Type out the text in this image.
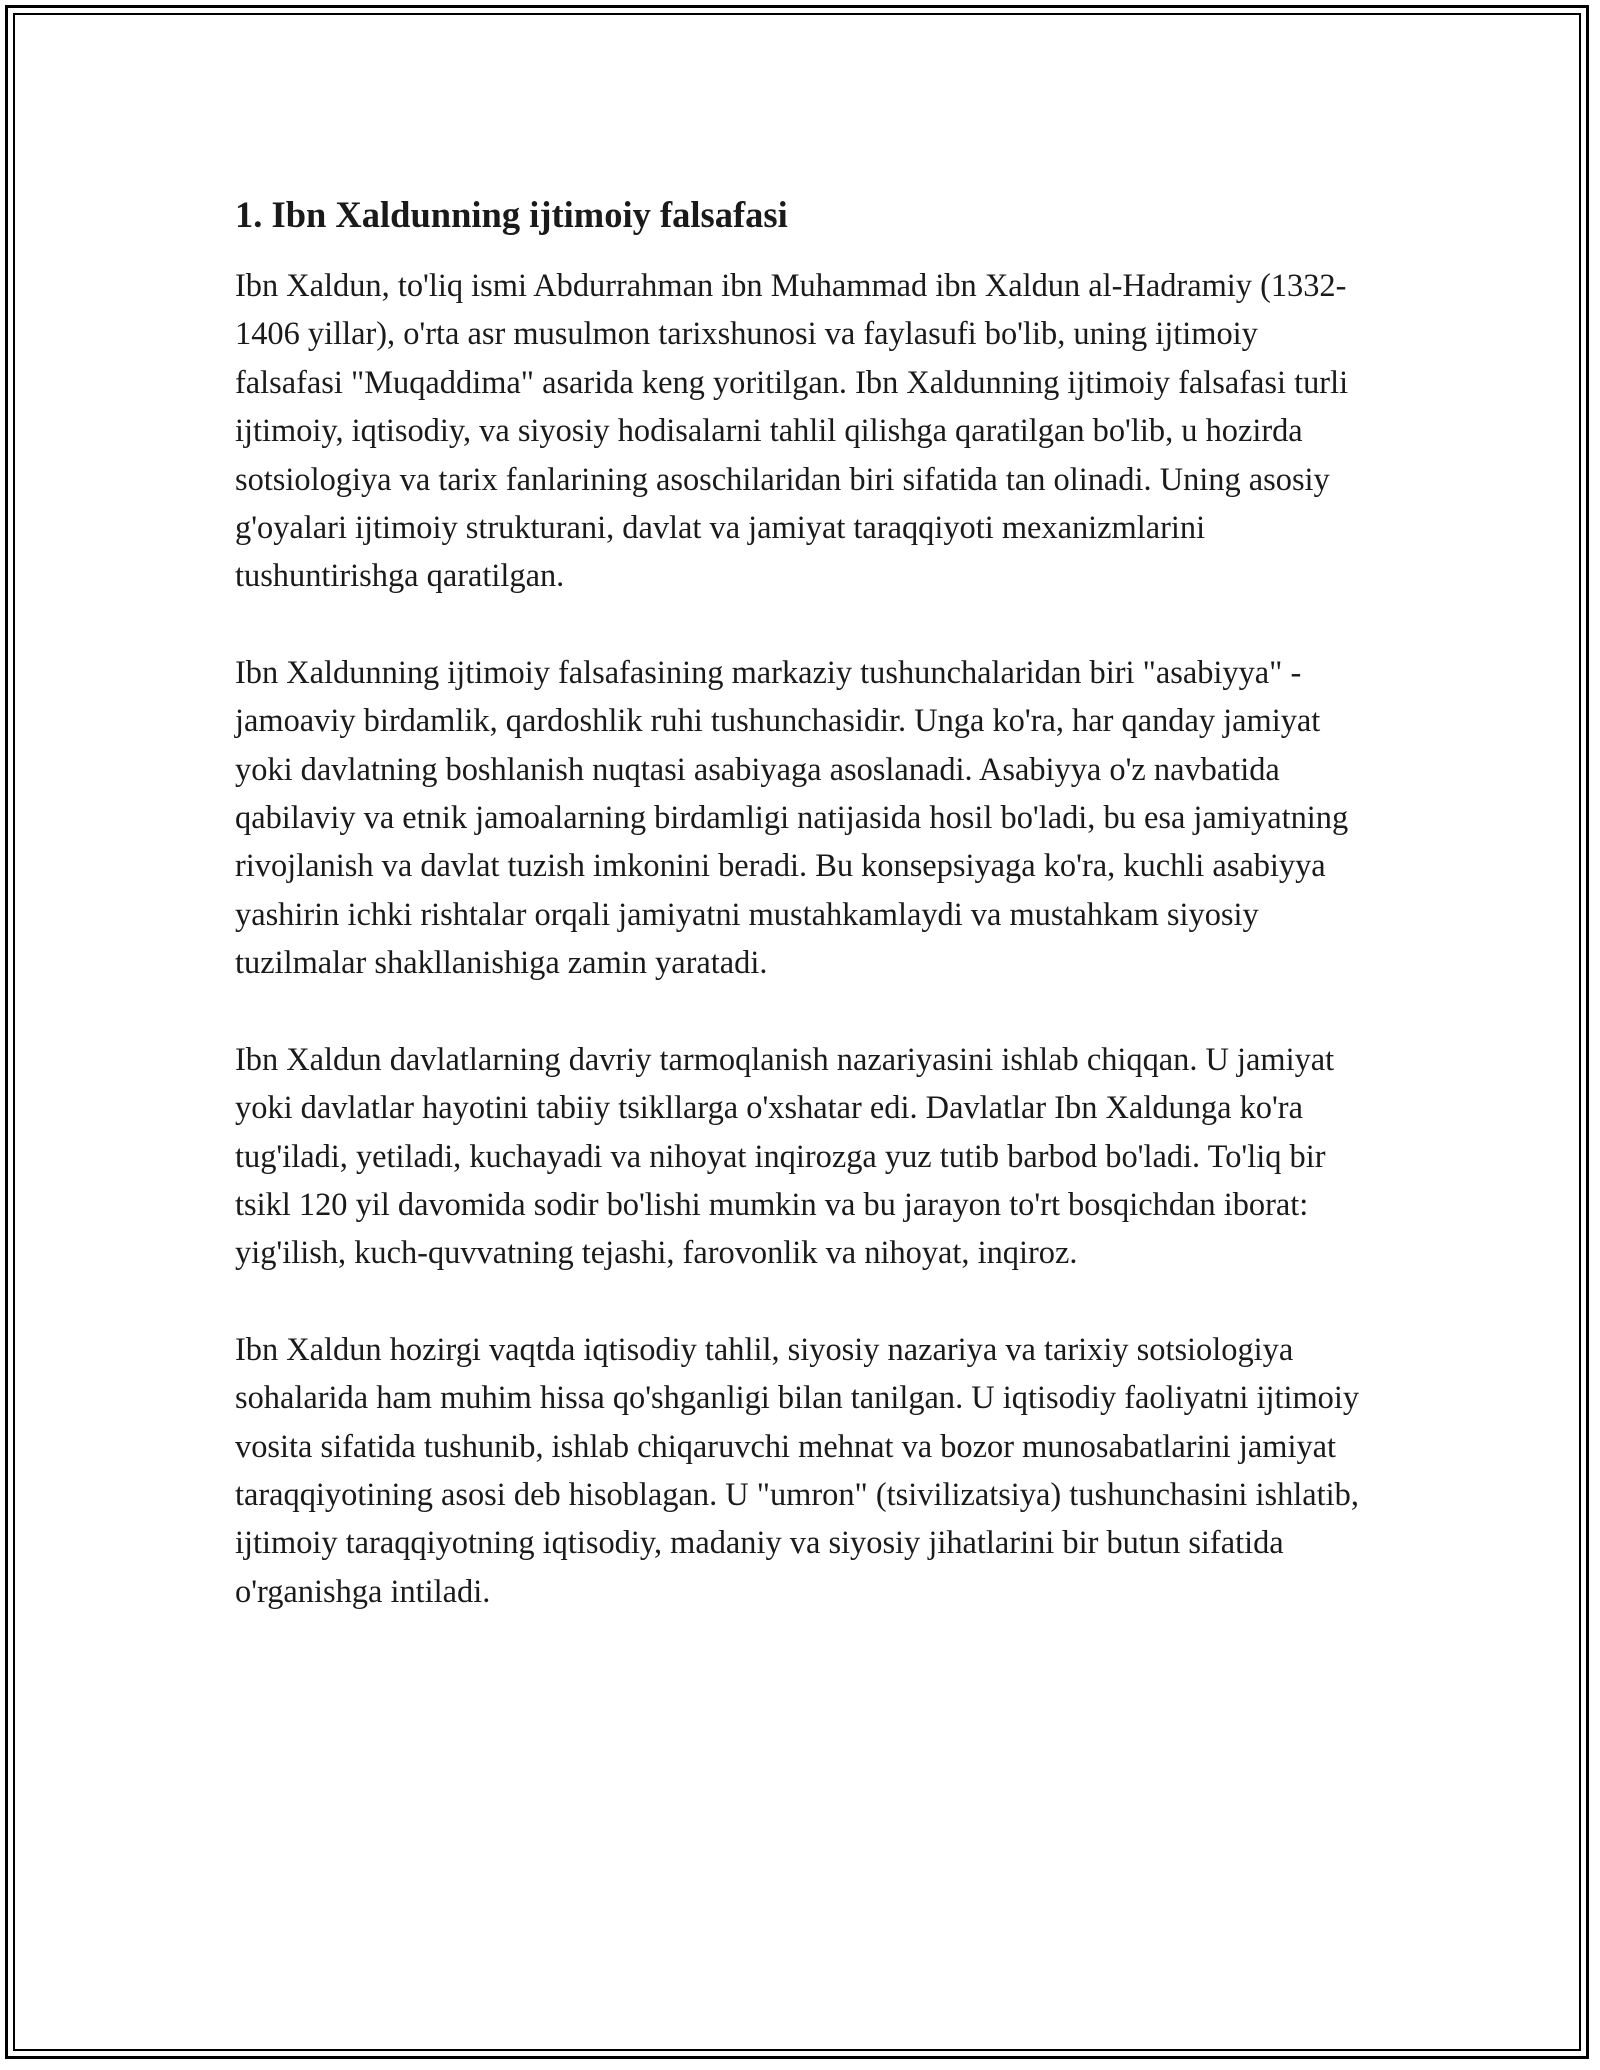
1. Ibn Xaldunning ijtimoiy falsafasi

Ibn Xaldun, to'liq ismi Abdurrahman ibn Muhammad ibn Xaldun al-Hadramiy (1332-1406 yillar), o'rta asr musulmon tarixshunosi va faylasufi bo'lib, uning ijtimoiy falsafasi "Muqaddima" asarida keng yoritilgan. Ibn Xaldunning ijtimoiy falsafasi turli ijtimoiy, iqtisodiy, va siyosiy hodisalarni tahlil qilishga qaratilgan bo'lib, u hozirda sotsiologiya va tarix fanlarining asoschilaridan biri sifatida tan olinadi. Uning asosiy g'oyalari ijtimoiy strukturani, davlat va jamiyat taraqqiyoti mexanizmlarini tushuntirishga qaratilgan.

Ibn Xaldunning ijtimoiy falsafasining markaziy tushunchalaridan biri "asabiyya" - jamoaviy birdamlik, qardoshlik ruhi tushunchasidir. Unga ko'ra, har qanday jamiyat yoki davlatning boshlanish nuqtasi asabiyaga asoslanadi. Asabiyya o'z navbatida qabilaviy va etnik jamoalarning birdamligi natijasida hosil bo'ladi, bu esa jamiyatning rivojlanish va davlat tuzish imkonini beradi. Bu konsepsiyaga ko'ra, kuchli asabiyya yashirin ichki rishtalar orqali jamiyatni mustahkamlaydi va mustahkam siyosiy tuzilmalar shakllanishiga zamin yaratadi.

Ibn Xaldun davlatlarning davriy tarmoqlanish nazariyasini ishlab chiqqan. U jamiyat yoki davlatlar hayotini tabiiy tsikllarga o'xshatar edi. Davlatlar Ibn Xaldunga ko'ra tug'iladi, yetiladi, kuchayadi va nihoyat inqirozga yuz tutib barbod bo'ladi. To'liq bir tsikl 120 yil davomida sodir bo'lishi mumkin va bu jarayon to'rt bosqichdan iborat: yig'ilish, kuch-quvvatning tejashi, farovonlik va nihoyat, inqiroz.

Ibn Xaldun hozirgi vaqtda iqtisodiy tahlil, siyosiy nazariya va tarixiy sotsiologiya sohalarida ham muhim hissa qo'shganligi bilan tanilgan. U iqtisodiy faoliyatni ijtimoiy vosita sifatida tushunib, ishlab chiqaruvchi mehnat va bozor munosabatlarini jamiyat taraqqiyotining asosi deb hisoblagan. U "umron" (tsivilizatsiya) tushunchasini ishlatib, ijtimoiy taraqqiyotning iqtisodiy, madaniy va siyosiy jihatlarini bir butun sifatida o'rganishga intiladi.
